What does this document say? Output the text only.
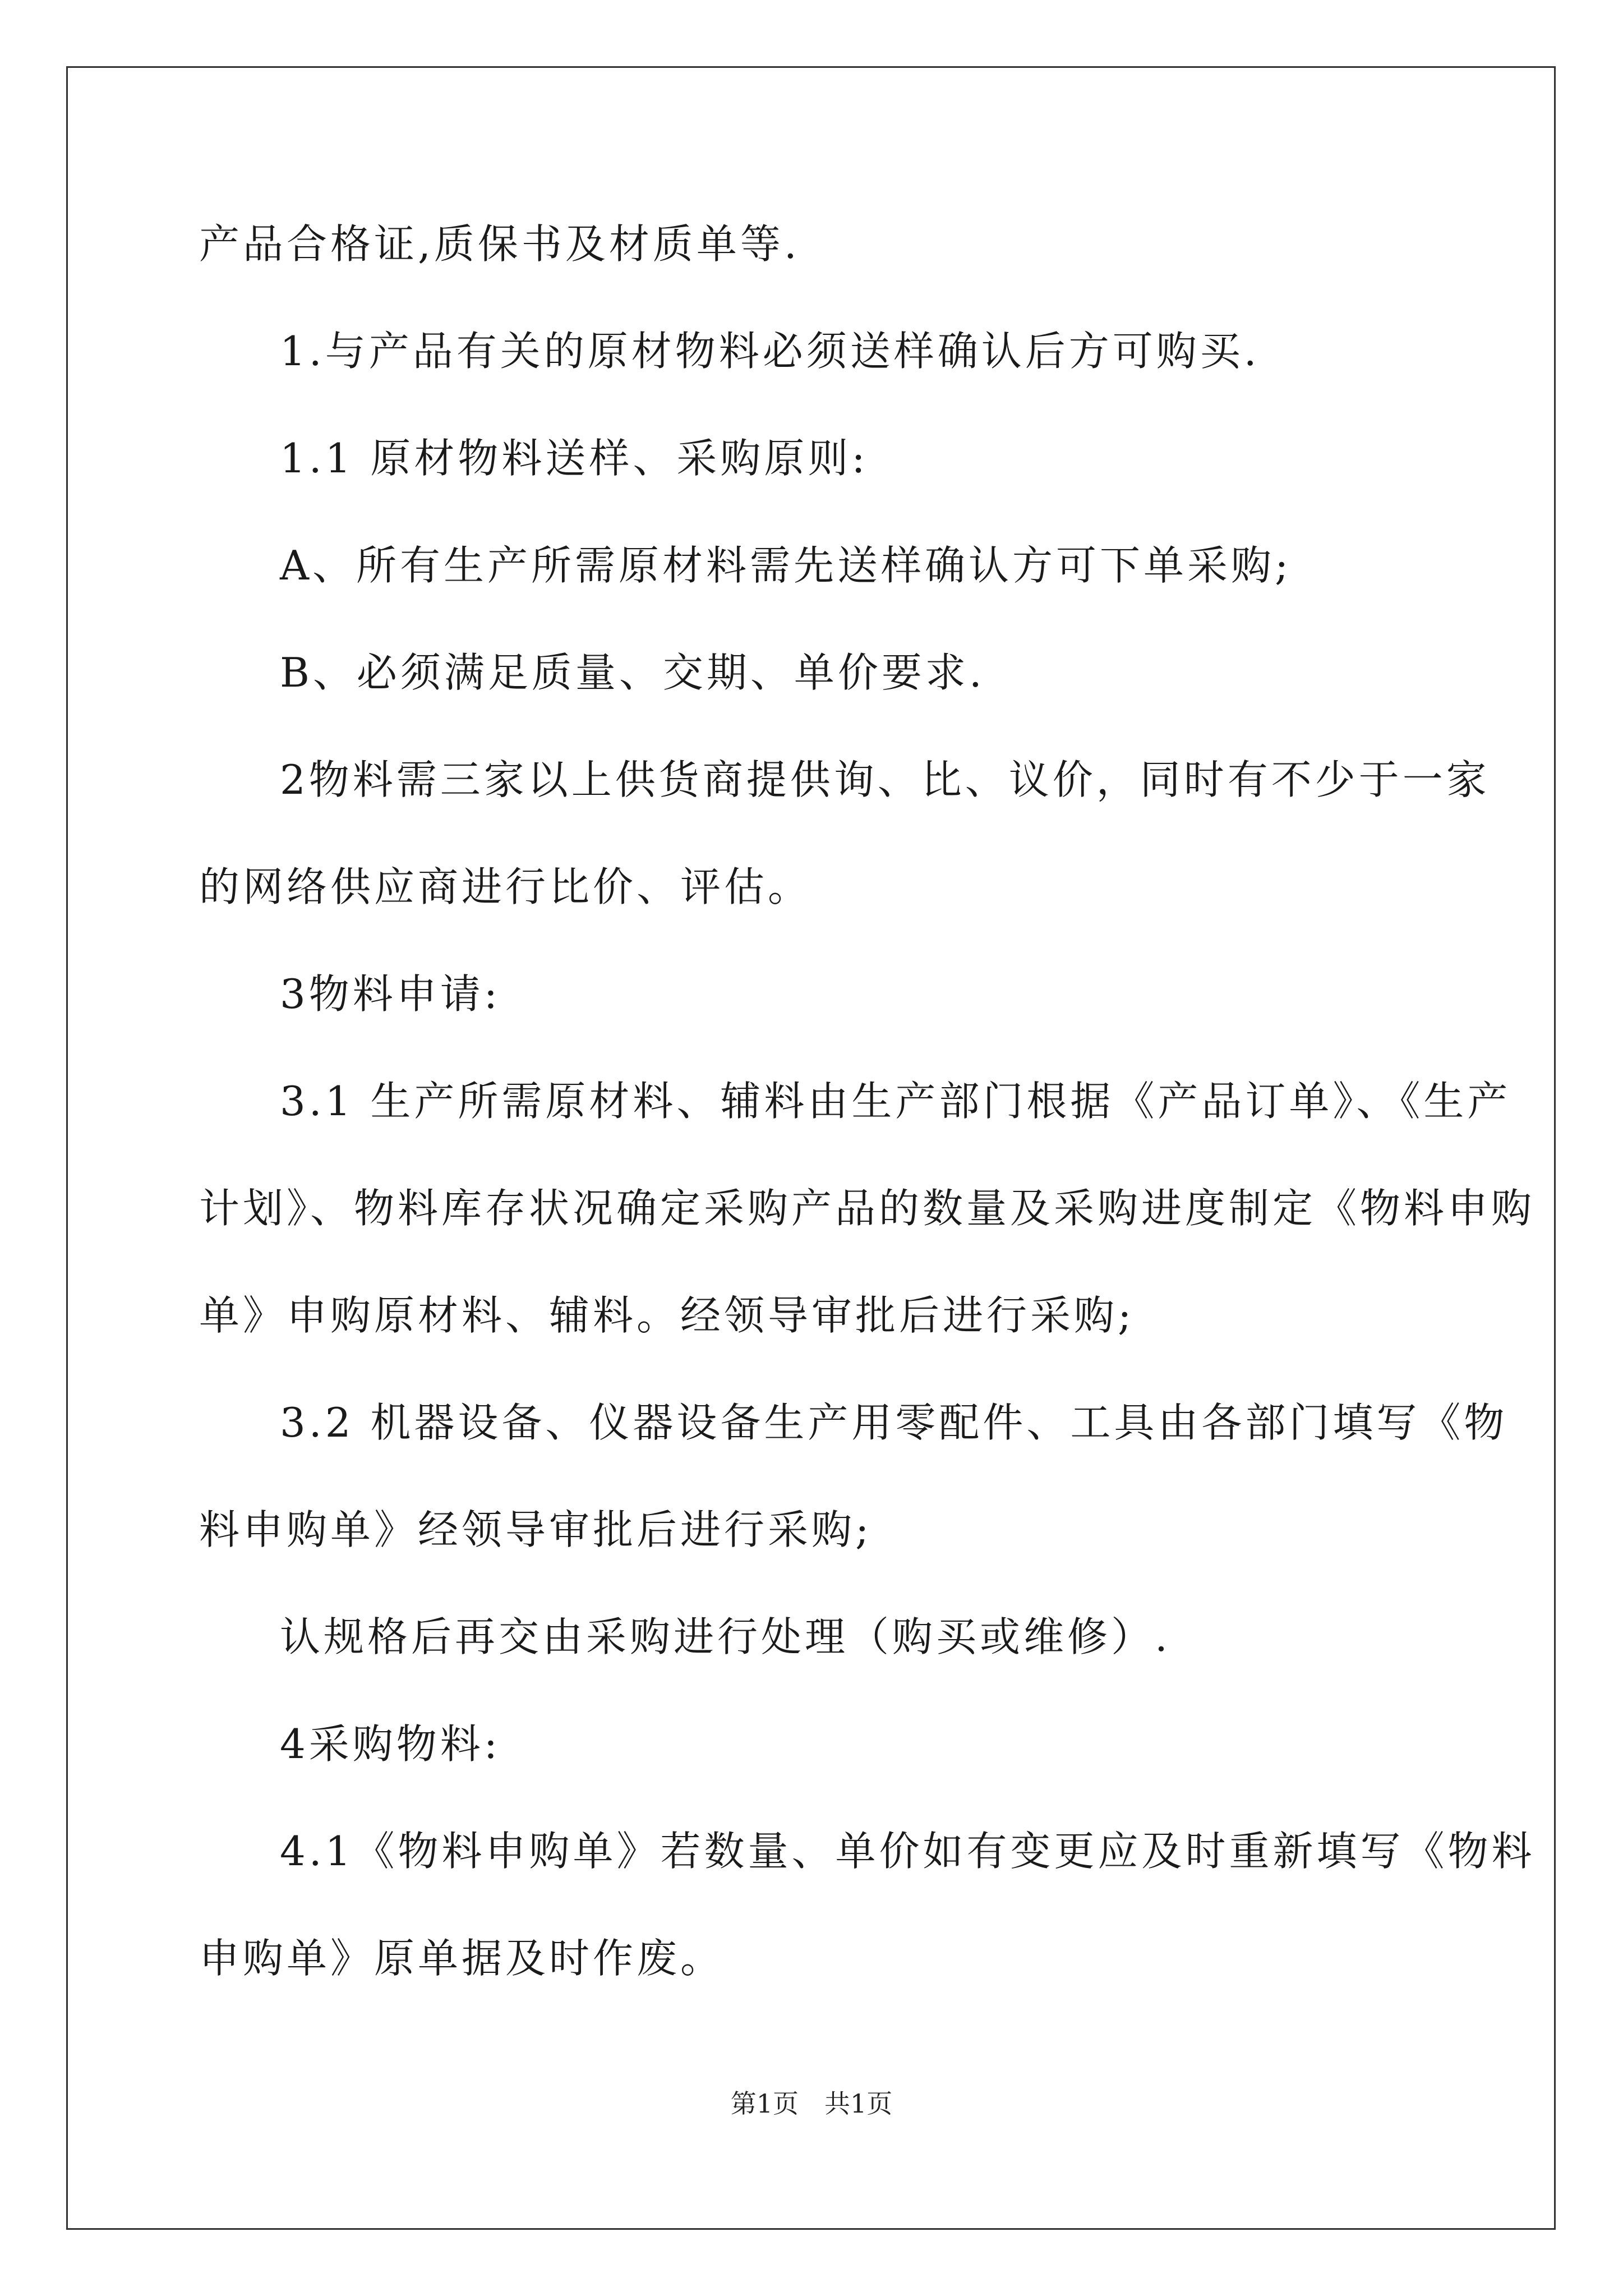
产品合格证,质保书及材质单等.
1.与产品有关的原材物料必须送样确认后方可购买.
1.1 原材物料送样、采购原则:
A、所有生产所需原材料需先送样确认方可下单采购;
B、必须满足质量、交期、单价要求.
2物料需三家以上供货商提供询、比、议价，同时有不少于一家
的网络供应商进行比价、评估。
3物料申请:
3.1 生产所需原材料、辅料由生产部门根据《产品订单》、《生产
计划》、物料库存状况确定采购产品的数量及采购进度制定《物料申购
单》申购原材料、辅料。经领导审批后进行采购;
3.2 机器设备、仪器设备生产用零配件、工具由各部门填写《物
料申购单》经领导审批后进行采购;
认规格后再交由采购进行处理（购买或维修）.
4采购物料:
4.1《物料申购单》若数量、单价如有变更应及时重新填写《物料
申购单》原单据及时作废。
第1页 共1页
